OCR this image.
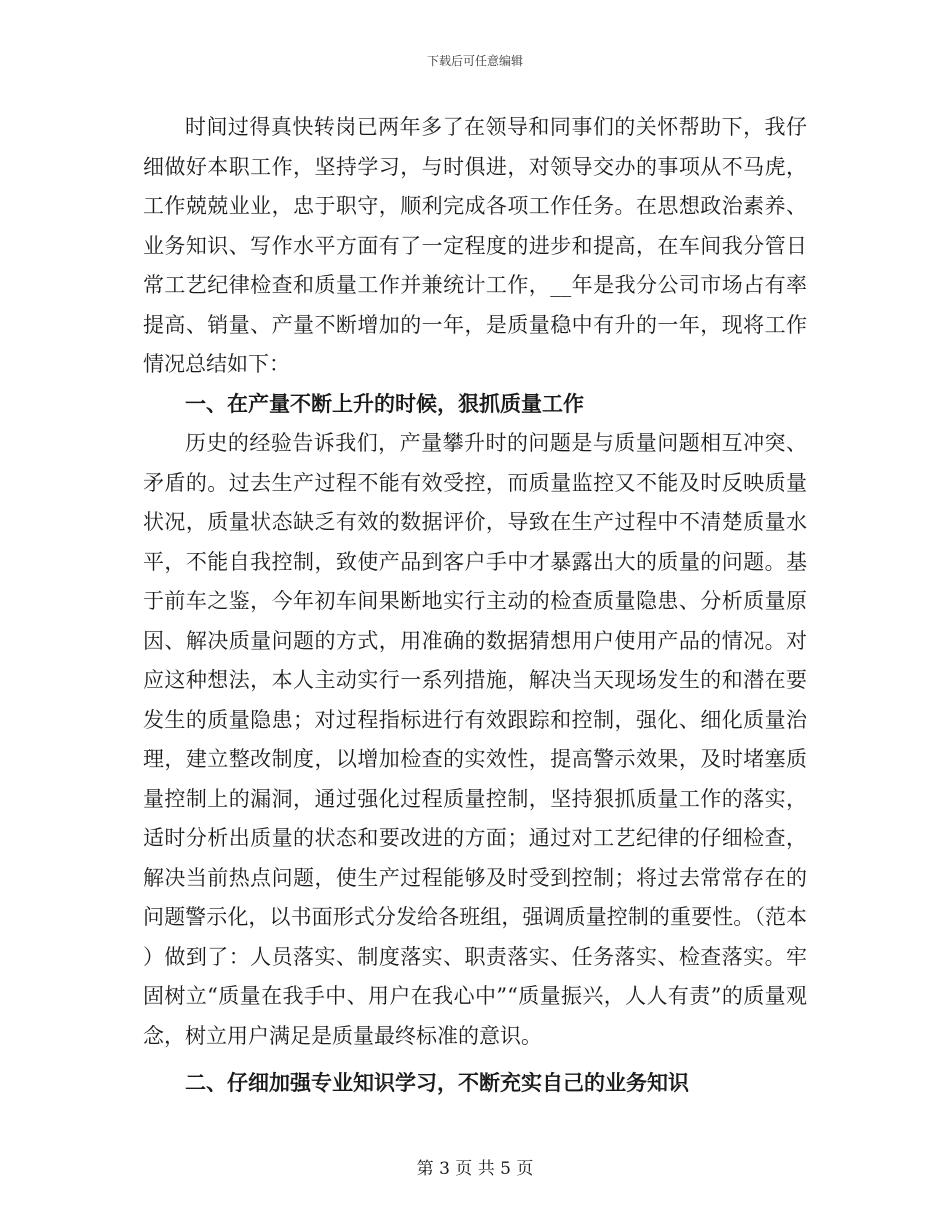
下载后可任意编辑

时间过得真快转岗已两年多了在领导和同事们的关怀帮助下，我仔细做好本职工作，坚持学习，与时俱进，对领导交办的事项从不马虎，工作兢兢业业，忠于职守，顺利完成各项工作任务。在思想政治素养、业务知识、写作水平方面有了一定程度的进步和提高，在车间我分管日常工艺纪律检查和质量工作并兼统计工作，__年是我分公司市场占有率提高、销量、产量不断增加的一年，是质量稳中有升的一年，现将工作情况总结如下：

一、在产量不断上升的时候，狠抓质量工作

历史的经验告诉我们，产量攀升时的问题是与质量问题相互冲突、矛盾的。过去生产过程不能有效受控，而质量监控又不能及时反映质量状况，质量状态缺乏有效的数据评价，导致在生产过程中不清楚质量水平，不能自我控制，致使产品到客户手中才暴露出大的质量的问题。基于前车之鉴，今年初车间果断地实行主动的检查质量隐患、分析质量原因、解决质量问题的方式，用准确的数据猜想用户使用产品的情况。对应这种想法，本人主动实行一系列措施，解决当天现场发生的和潜在要发生的质量隐患；对过程指标进行有效跟踪和控制，强化、细化质量治理，建立整改制度，以增加检查的实效性，提高警示效果，及时堵塞质量控制上的漏洞，通过强化过程质量控制，坚持狠抓质量工作的落实，适时分析出质量的状态和要改进的方面；通过对工艺纪律的仔细检查，解决当前热点问题，使生产过程能够及时受到控制；将过去常常存在的问题警示化，以书面形式分发给各班组，强调质量控制的重要性。（范本）做到了：人员落实、制度落实、职责落实、任务落实、检查落实。牢固树立“质量在我手中、用户在我心中”“质量振兴，人人有责”的质量观念，树立用户满足是质量最终标准的意识。

二、仔细加强专业知识学习，不断充实自己的业务知识

第 3 页 共 5 页
